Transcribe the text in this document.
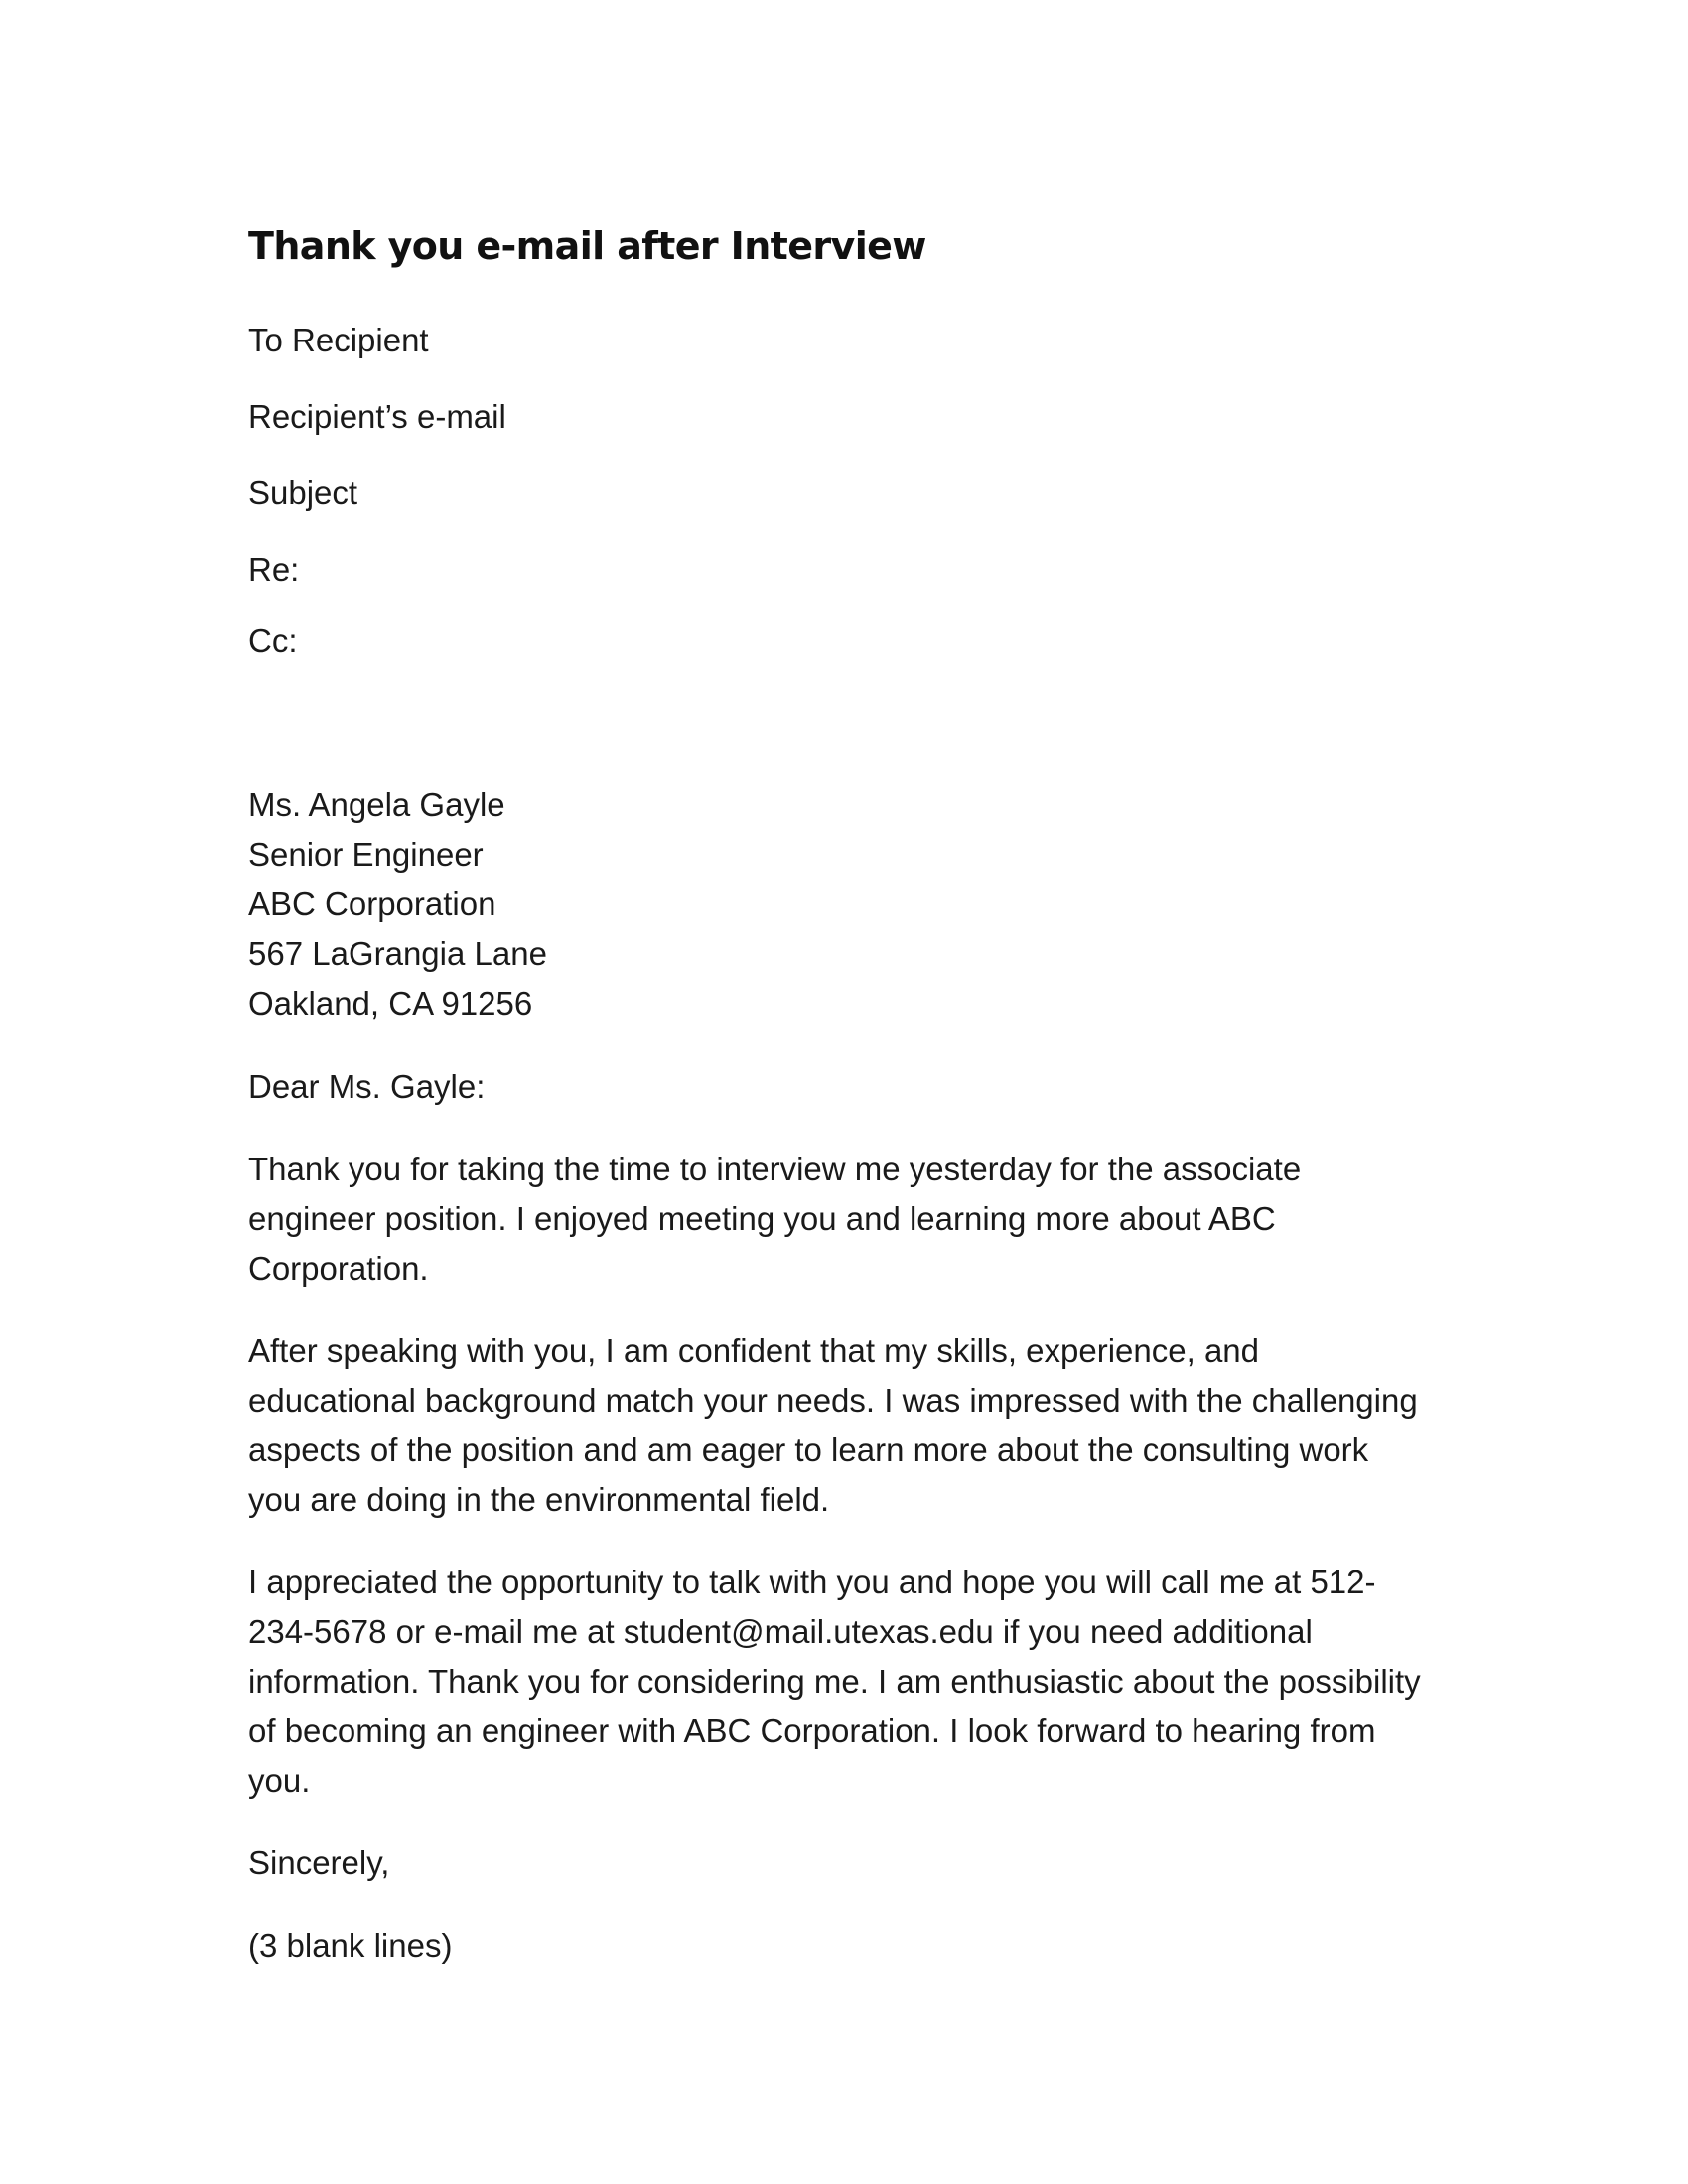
Thank you e-mail after Interview

To Recipient

Recipient’s e-mail

Subject

Re:

Cc:

Ms. Angela Gayle
Senior Engineer
ABC Corporation
567 LaGrangia Lane
Oakland, CA 91256

Dear Ms. Gayle:

Thank you for taking the time to interview me yesterday for the associate
engineer position. I enjoyed meeting you and learning more about ABC
Corporation.
After speaking with you, I am confident that my skills, experience, and
educational background match your needs. I was impressed with the challenging
aspects of the position and am eager to learn more about the consulting work
you are doing in the environmental field.
I appreciated the opportunity to talk with you and hope you will call me at 512-
234-5678 or e-mail me at student@mail.utexas.edu if you need additional
information. Thank you for considering me. I am enthusiastic about the possibility
of becoming an engineer with ABC Corporation. I look forward to hearing from
you.

Sincerely,

(3 blank lines)
